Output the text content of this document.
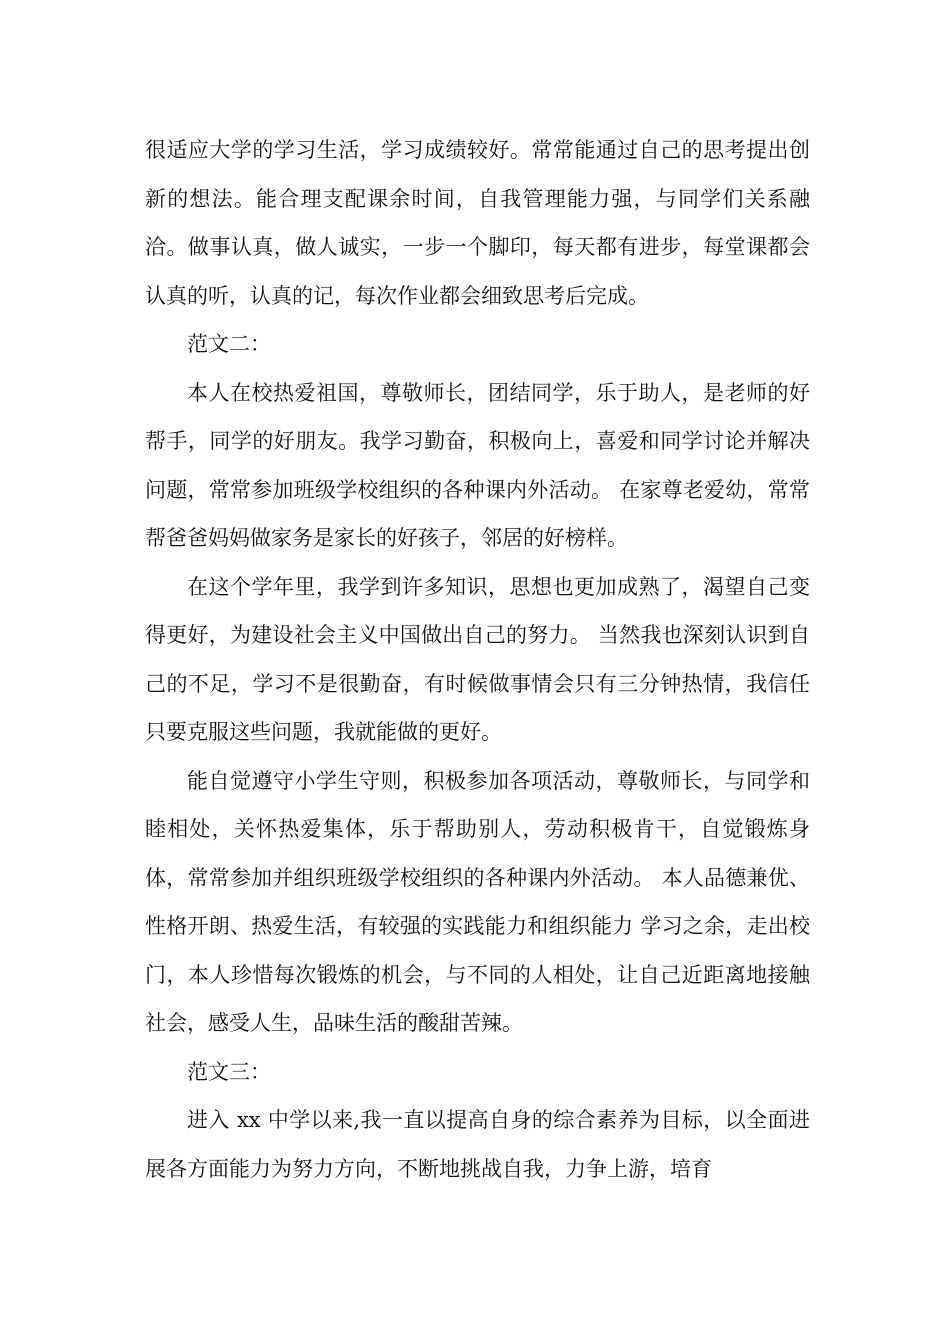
很适应大学的学习生活，学习成绩较好。常常能通过自己的思考提出创新的想法。能合理支配课余时间，自我管理能力强，与同学们关系融洽。做事认真，做人诚实，一步一个脚印，每天都有进步，每堂课都会认真的听，认真的记，每次作业都会细致思考后完成。

范文二：

本人在校热爱祖国，尊敬师长，团结同学，乐于助人，是老师的好帮手，同学的好朋友。我学习勤奋，积极向上，喜爱和同学讨论并解决问题，常常参加班级学校组织的各种课内外活动。 在家尊老爱幼，常常帮爸爸妈妈做家务是家长的好孩子，邻居的好榜样。

在这个学年里，我学到许多知识，思想也更加成熟了，渴望自己变得更好，为建设社会主义中国做出自己的努力。 当然我也深刻认识到自己的不足，学习不是很勤奋，有时候做事情会只有三分钟热情，我信任只要克服这些问题，我就能做的更好。

能自觉遵守小学生守则，积极参加各项活动，尊敬师长，与同学和睦相处，关怀热爱集体，乐于帮助别人，劳动积极肯干，自觉锻炼身体，常常参加并组织班级学校组织的各种课内外活动。 本人品德兼优、性格开朗、热爱生活，有较强的实践能力和组织能力 学习之余，走出校门，本人珍惜每次锻炼的机会，与不同的人相处，让自己近距离地接触社会，感受人生，品味生活的酸甜苦辣。

范文三：

进入 xx 中学以来,我一直以提高自身的综合素养为目标，以全面进展各方面能力为努力方向，不断地挑战自我，力争上游，培育
